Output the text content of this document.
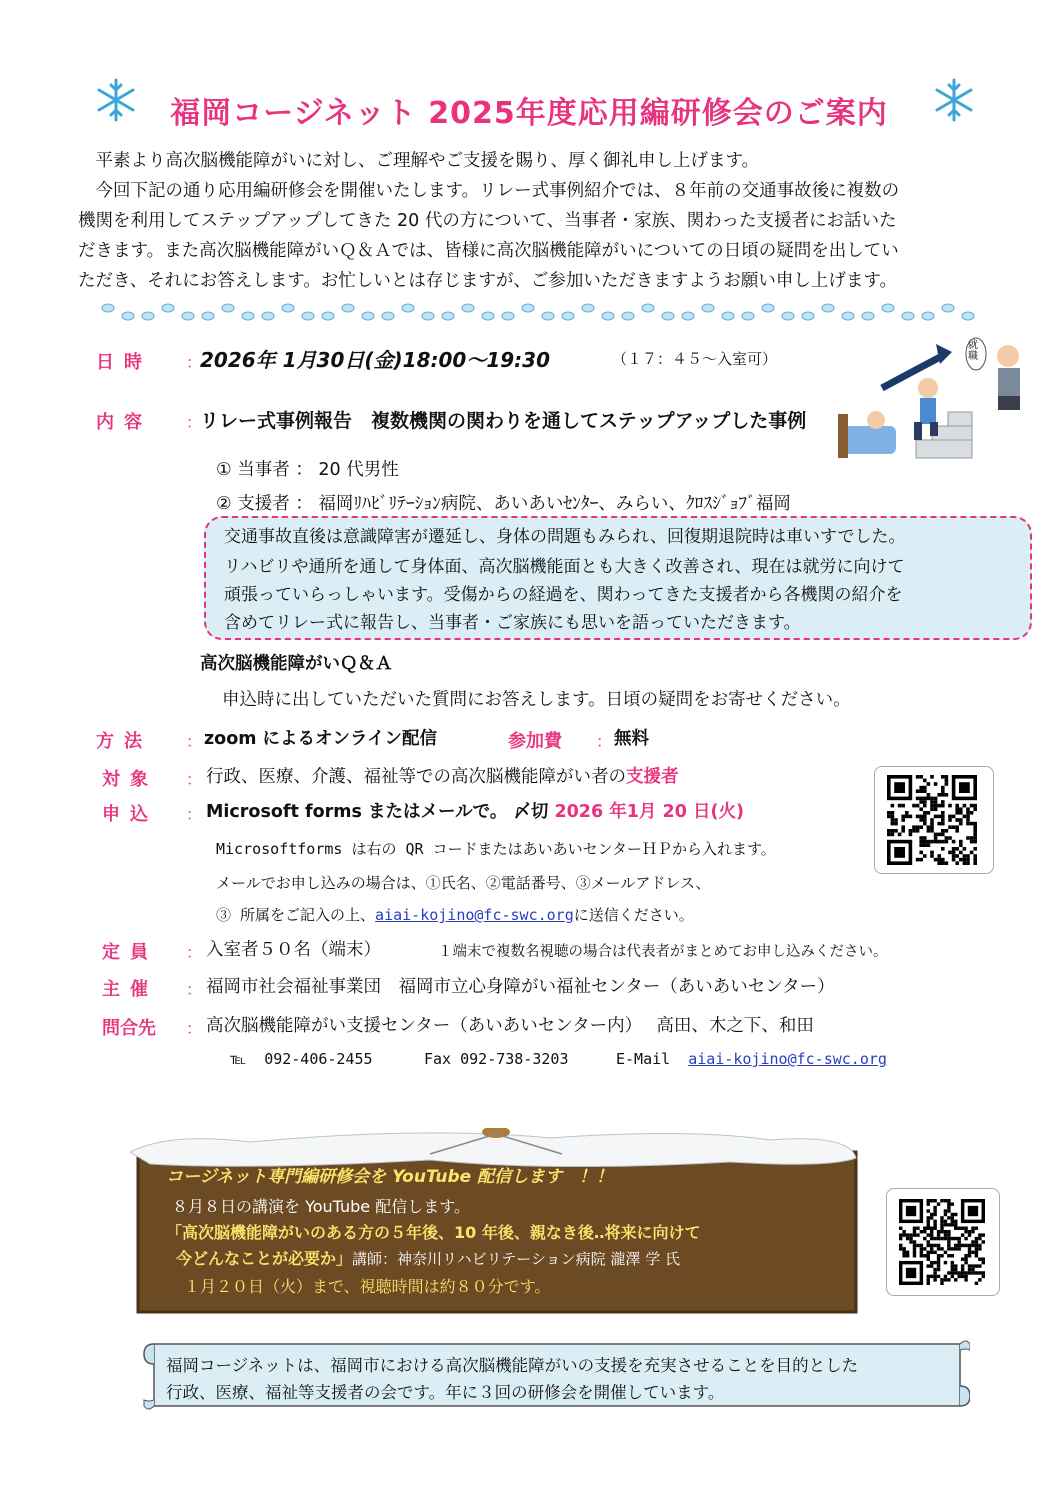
福岡コージネット 2025年度応用編研修会のご案内

平素より高次脳機能障がいに対し、ご理解やご支援を賜り、厚く御礼申し上げます。

今回下記の通り応用編研修会を開催いたします。リレー式事例紹介では、８年前の交通事故後に複数の

機関を利用してステップアップしてきた 20 代の方について、当事者・家族、関わった支援者にお話いた

だきます。また高次脳機能障がいＱ＆Ａでは、皆様に高次脳機能障がいについての日頃の疑問を出してい

ただき、それにお答えします。お忙しいとは存じますが、ご参加いただきますようお願い申し上げます。

日時 ：
2026年 1月30日(金)18:00～19:30	（１７：４５～入室可）
就職
内容 ：
リレー式事例報告　複数機関の関わりを通してステップアップした事例
① 当事者 ： 20 代男性
② 支援者 ： 福岡ﾘﾊﾋﾞﾘﾃｰｼｮﾝ病院、あいあいｾﾝﾀｰ、みらい、ｸﾛｽｼﾞｮﾌﾞ福岡

交通事故直後は意識障害が遷延し、身体の問題もみられ、回復期退院時は車いすでした。

リハビリや通所を通して身体面、高次脳機能面とも大きく改善され、現在は就労に向けて

頑張っていらっしゃいます。受傷からの経過を、関わってきた支援者から各機関の紹介を

含めてリレー式に報告し、当事者・ご家族にも思いを語っていただきます。

高次脳機能障がいＱ＆Ａ
申込時に出していただいた質問にお答えします。日頃の疑問をお寄せください。
方法 ： zoom によるオンライン配信	参加費 ： 無料
対象 ： 行政、医療、介護、福祉等での高次脳機能障がい者の支援者
申込 ： Microsoft forms またはメールで。 〆切 2026 年1月 20 日(火)
Microsoftforms は右の QR コードまたはあいあいセンターＨＰから入れます。
メールでお申し込みの場合は、①氏名、②電話番号、③メールアドレス、
③ 所属をご記入の上、aiai-kojino@fc-swc.orgに送信ください。
定員 ： 入室者５０名（端末）	１端末で複数名視聴の場合は代表者がまとめてお申し込みください。
主催 ： 福岡市社会福祉事業団　福岡市立心身障がい福祉センター（あいあいセンター）
問合先 ： 高次脳機能障がい支援センター（あいあいセンター内）　 高田、木之下、和田
℡ 092-406-2455	Fax 092-738-3203	E-Mail aiai-kojino@fc-swc.org
コージネット専門編研修会を YouTube 配信します　！！
８月８日の講演を YouTube 配信します。
「高次脳機能障がいのある方の５年後、10 年後、親なき後‥将来に向けて
今どんなことが必要か」講師：神奈川リハビリテーション病院 瀧澤 学 氏
１月２０日（火）まで、視聴時間は約８０分です。
福岡コージネットは、福岡市における高次脳機能障がいの支援を充実させることを目的とした
行政、医療、福祉等支援者の会です。年に３回の研修会を開催しています。
